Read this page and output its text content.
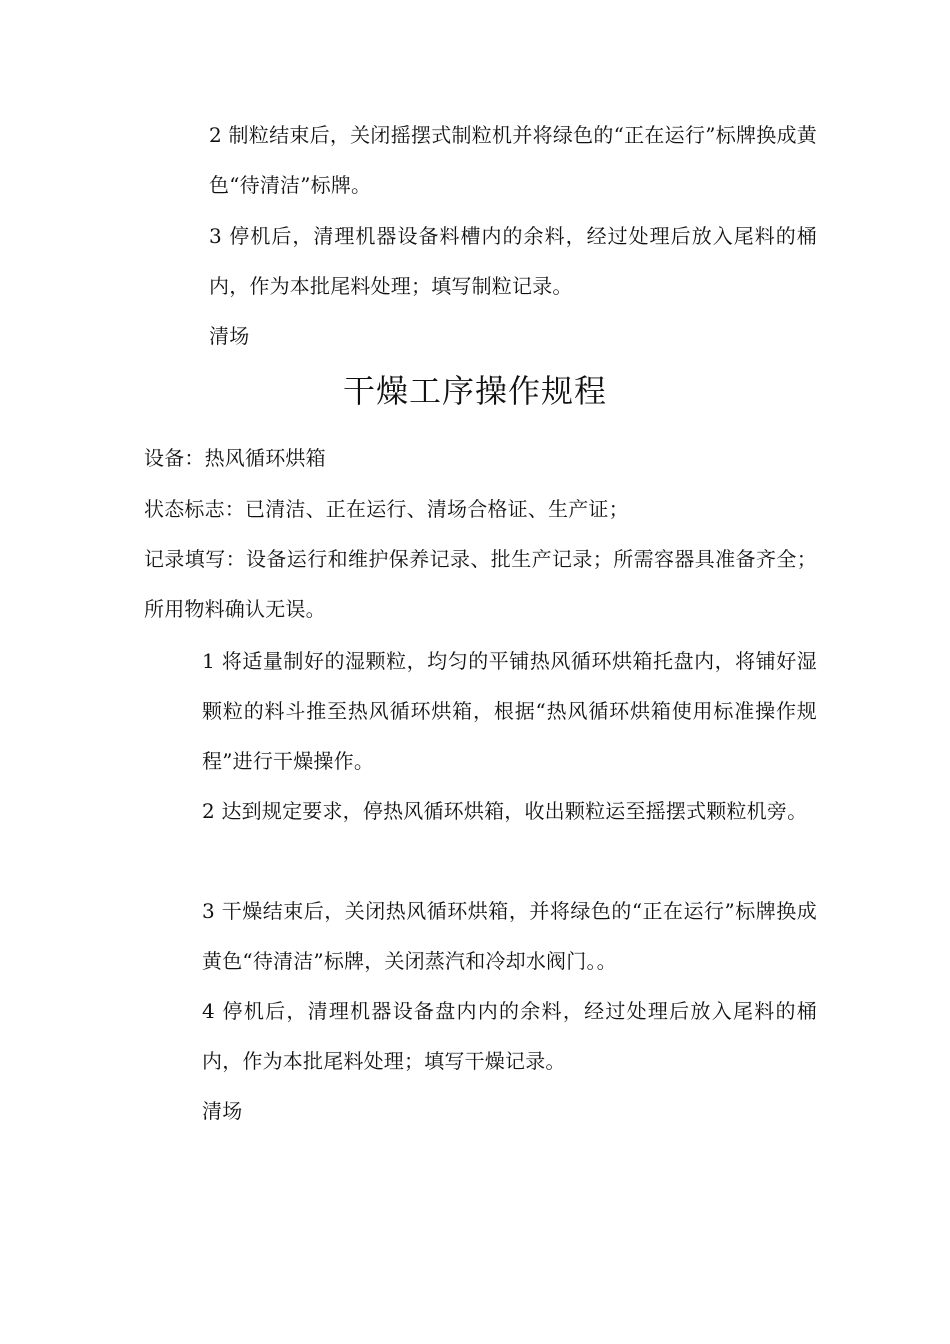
2 制粒结束后，关闭摇摆式制粒机并将绿色的“正在运行”标牌换成黄色“待清洁”标牌。

3 停机后，清理机器设备料槽内的余料，经过处理后放入尾料的桶内，作为本批尾料处理；填写制粒记录。

清场

干燥工序操作规程

设备：热风循环烘箱

状态标志：已清洁、正在运行、清场合格证、生产证；

记录填写：设备运行和维护保养记录、批生产记录；所需容器具准备齐全；所用物料确认无误。

1 将适量制好的湿颗粒，均匀的平铺热风循环烘箱托盘内，将铺好湿颗粒的料斗推至热风循环烘箱，根据“热风循环烘箱使用标准操作规程”进行干燥操作。

2 达到规定要求，停热风循环烘箱，收出颗粒运至摇摆式颗粒机旁。

3 干燥结束后，关闭热风循环烘箱，并将绿色的“正在运行”标牌换成黄色“待清洁”标牌，关闭蒸汽和冷却水阀门。。

4 停机后，清理机器设备盘内内的余料，经过处理后放入尾料的桶内，作为本批尾料处理；填写干燥记录。

清场
